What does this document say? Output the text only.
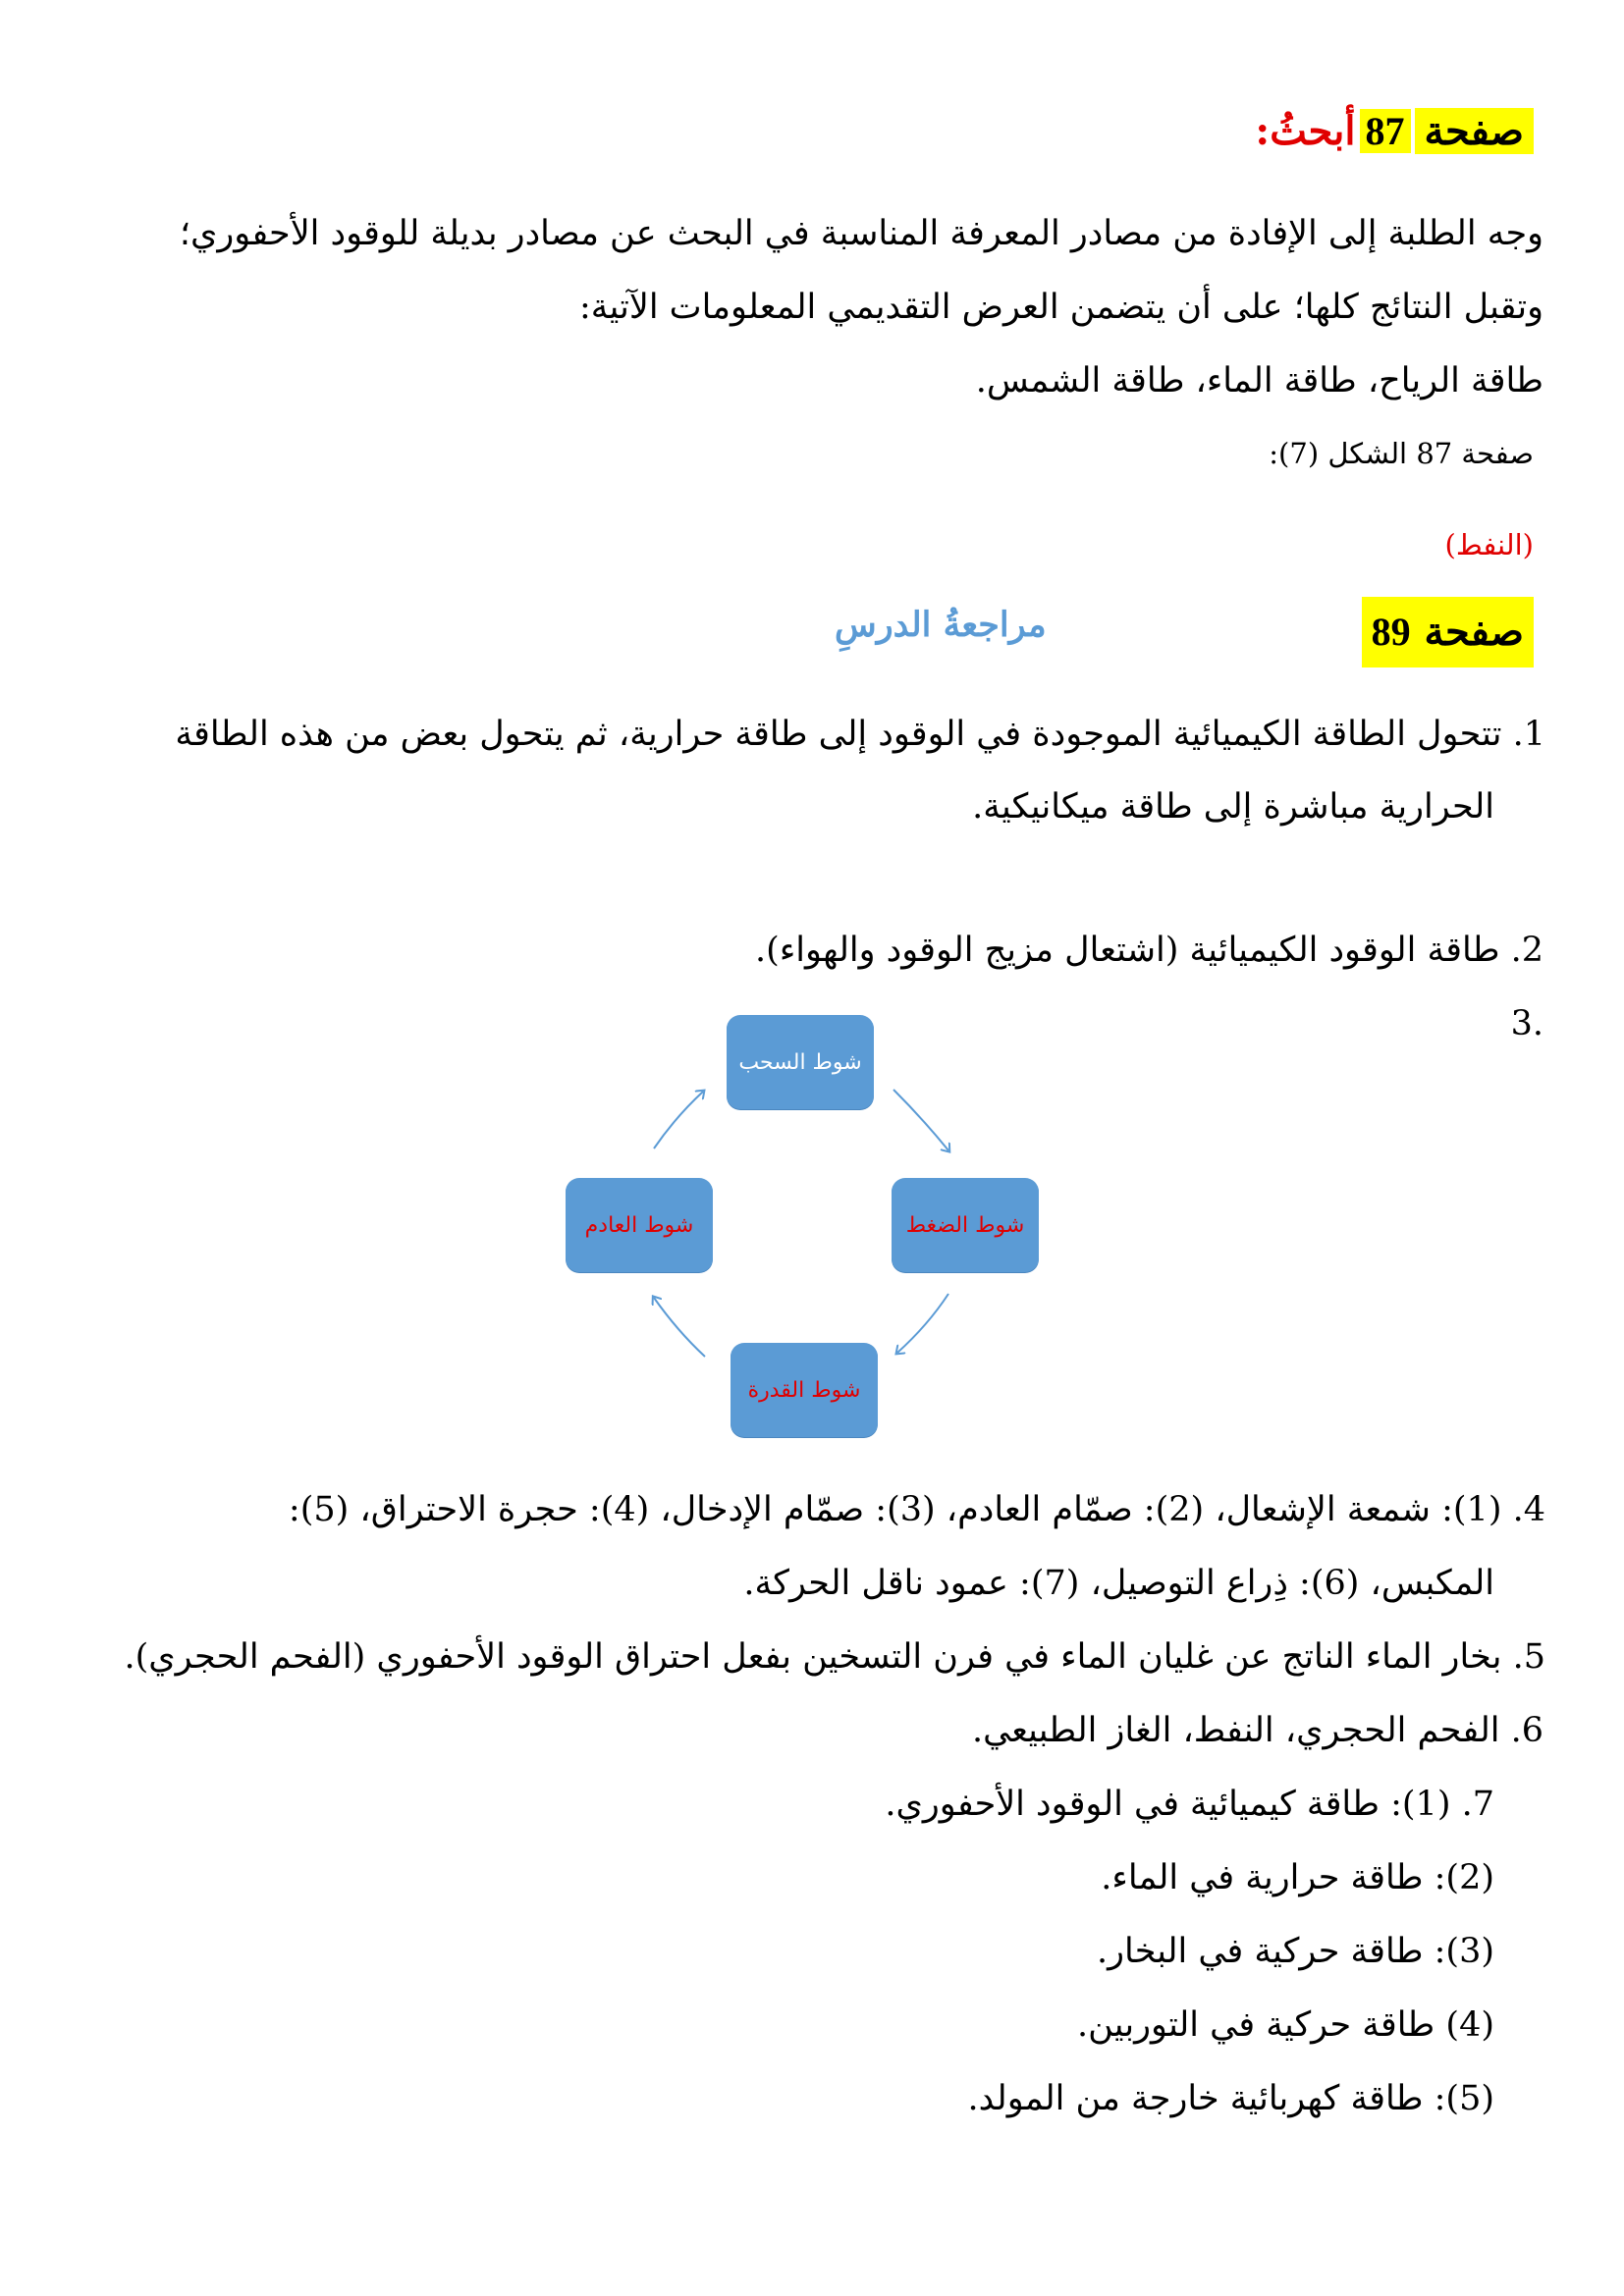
صفحة87أبحثُ:
وجه الطلبة إلى الإفادة من مصادر المعرفة المناسبة في البحث عن مصادر بديلة للوقود الأحفوري؛
وتقبل النتائج كلها؛ على أن يتضمن العرض التقديمي المعلومات الآتية:
طاقة الرياح، طاقة الماء، طاقة الشمس.
صفحة 87 الشكل (7):
(النفط)
صفحة 89
مراجعةُ الدرسِ
1. تتحول الطاقة الكيميائية الموجودة في الوقود إلى طاقة حرارية، ثم يتحول بعض من هذه الطاقة
الحرارية مباشرة إلى طاقة ميكانيكية.
2. طاقة الوقود الكيميائية (اشتعال مزيج الوقود والهواء).
3.
شوط السحب
شوط الضغط
شوط القدرة
شوط العادم
4. (1): شمعة الإشعال، (2): صمّام العادم، (3): صمّام الإدخال، (4): حجرة الاحتراق، (5):
المكبس، (6): ذِراع التوصيل، (7): عمود ناقل الحركة.
5. بخار الماء الناتج عن غليان الماء في فرن التسخين بفعل احتراق الوقود الأحفوري (الفحم الحجري).
6. الفحم الحجري، النفط، الغاز الطبيعي.
7. (1): طاقة كيميائية في الوقود الأحفوري.
(2): طاقة حرارية في الماء.
(3): طاقة حركية في البخار.
(4) طاقة حركية في التوربين.
(5): طاقة كهربائية خارجة من المولد.
